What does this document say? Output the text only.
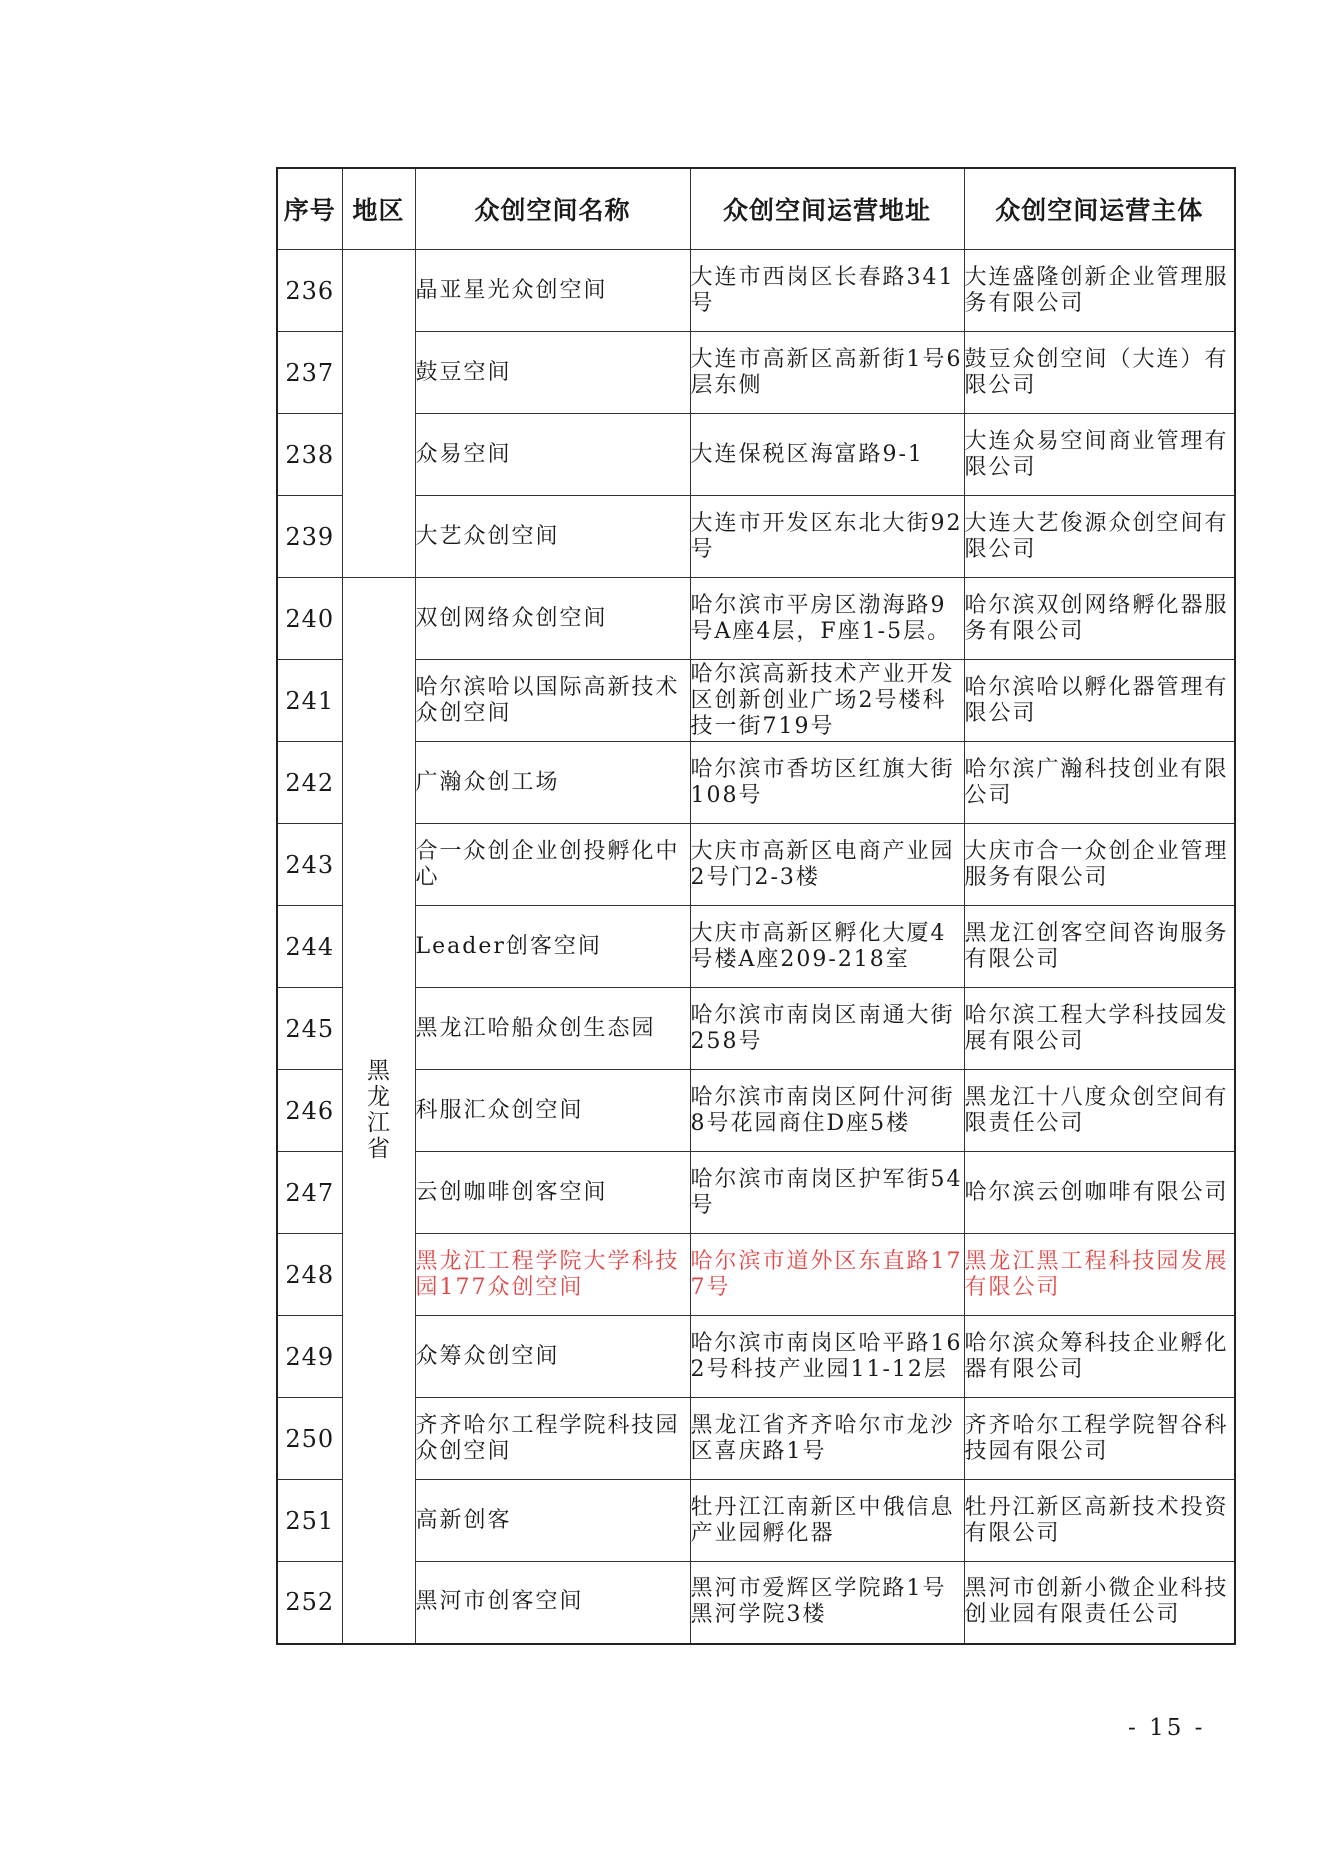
序号	地区	众创空间名称	众创空间运营地址	众创空间运营主体
236		晶亚星光众创空间	大连市西岗区长春路341号	大连盛隆创新企业管理服务有限公司
237		鼓豆空间	大连市高新区高新街1号6层东侧	鼓豆众创空间（大连）有限公司
238		众易空间	大连保税区海富路9-1	大连众易空间商业管理有限公司
239		大艺众创空间	大连市开发区东北大街92号	大连大艺俊源众创空间有限公司
240	黑龙江省	双创网络众创空间	哈尔滨市平房区渤海路9号A座4层，F座1-5层。	哈尔滨双创网络孵化器服务有限公司
241		哈尔滨哈以国际高新技术众创空间	哈尔滨高新技术产业开发区创新创业广场2号楼科技一街719号	哈尔滨哈以孵化器管理有限公司
242		广瀚众创工场	哈尔滨市香坊区红旗大街108号	哈尔滨广瀚科技创业有限公司
243		合一众创企业创投孵化中心	大庆市高新区电商产业园2号门2-3楼	大庆市合一众创企业管理服务有限公司
244		Leader创客空间	大庆市高新区孵化大厦4号楼A座209-218室	黑龙江创客空间咨询服务有限公司
245		黑龙江哈船众创生态园	哈尔滨市南岗区南通大街258号	哈尔滨工程大学科技园发展有限公司
246		科服汇众创空间	哈尔滨市南岗区阿什河街8号花园商住D座5楼	黑龙江十八度众创空间有限责任公司
247		云创咖啡创客空间	哈尔滨市南岗区护军街54号	哈尔滨云创咖啡有限公司
248		黑龙江工程学院大学科技园177众创空间	哈尔滨市道外区东直路177号	黑龙江黑工程科技园发展有限公司
249		众筹众创空间	哈尔滨市南岗区哈平路162号科技产业园11-12层	哈尔滨众筹科技企业孵化器有限公司
250		齐齐哈尔工程学院科技园众创空间	黑龙江省齐齐哈尔市龙沙区喜庆路1号	齐齐哈尔工程学院智谷科技园有限公司
251		高新创客	牡丹江江南新区中俄信息产业园孵化器	牡丹江新区高新技术投资有限公司
252		黑河市创客空间	黑河市爱辉区学院路1号黑河学院3楼	黑河市创新小微企业科技创业园有限责任公司
- 15 -
